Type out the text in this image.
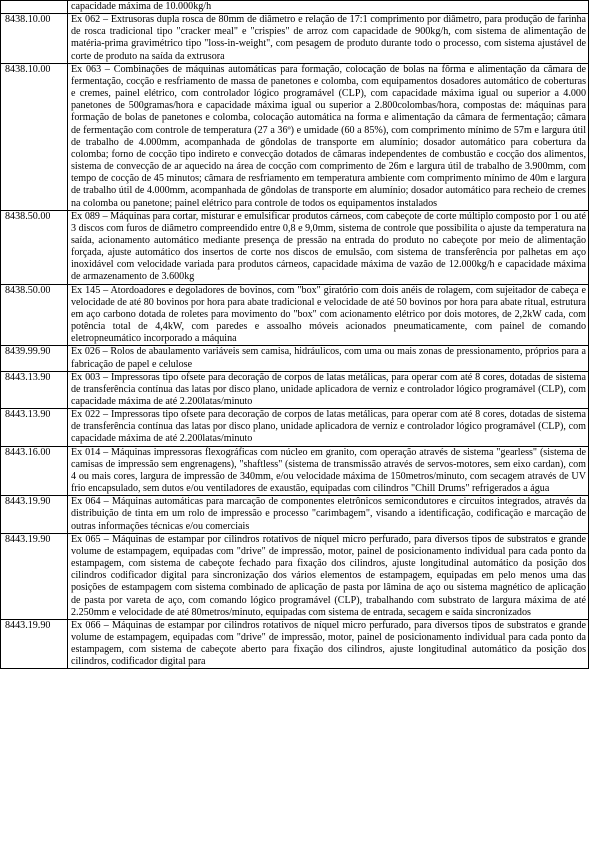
	capacidade máxima de 10.000kg/h
8438.10.00	Ex 062 – Extrusoras dupla rosca de 80mm de diâmetro e relação de 17:1 comprimento por diâmetro, para produção de farinha de rosca tradicional tipo "cracker meal" e "crispies" de arroz com capacidade de 900kg/h, com sistema de alimentação de matéria-prima gravimétrico tipo "loss-in-weight", com pesagem de produto durante todo o processo, com sistema ajustável de corte de produto na saída da extrusora
8438.10.00	Ex 063 – Combinações de máquinas automáticas para formação, colocação de bolas na fôrma e alimentação da câmara de fermentação, cocção e resfriamento de massa de panetones e colomba, com equipamentos dosadores automático de coberturas e cremes, painel elétrico, com controlador lógico programável (CLP), com capacidade máxima igual ou superior a 4.000 panetones de 500gramas/hora e capacidade máxima igual ou superior a 2.800colombas/hora, compostas de: máquinas para formação de bolas de panetones e colomba, colocação automática na forma e alimentação da câmara de fermentação; câmara de fermentação com controle de temperatura (27 a 36º) e umidade (60 a 85%), com comprimento mínimo de 57m e largura útil de trabalho de 4.000mm, acompanhada de gôndolas de transporte em alumínio; dosador automático para cobertura da colomba; forno de cocção tipo indireto e convecção dotados de câmaras independentes de combustão e cocção dos alimentos, sistema de convecção de ar aquecido na área de cocção com comprimento de 26m e largura útil de trabalho de 3.900mm, com tempo de cocção de 45 minutos; câmara de resfriamento em temperatura ambiente com comprimento mínimo de 40m e largura de trabalho útil de 4.000mm, acompanhada de gôndolas de transporte em alumínio; dosador automático para recheio de cremes na colomba ou panetone; painel elétrico para controle de todos os equipamentos instalados
8438.50.00	Ex 089 – Máquinas para cortar, misturar e emulsificar produtos cárneos, com cabeçote de corte múltiplo composto por 1 ou até 3 discos com furos de diâmetro compreendido entre 0,8 e 9,0mm, sistema de controle que possibilita o ajuste da temperatura na saída, acionamento automático mediante presença de pressão na entrada do produto no cabeçote por meio de alimentação forçada, ajuste automático dos insertos de corte nos discos de emulsão, com sistema de transferência por palhetas em aço inoxidável com velocidade variada para produtos cárneos, capacidade máxima de vazão de 12.000kg/h e capacidade máxima de armazenamento de 3.600kg
8438.50.00	Ex 145 – Atordoadores e degoladores de bovinos, com "box" giratório com dois anéis de rolagem, com sujeitador de cabeça e velocidade de até 80 bovinos por hora para abate tradicional e velocidade de até 50 bovinos por hora para abate ritual, estrutura em aço carbono dotada de roletes para movimento do "box" com acionamento elétrico por dois motores, de 2,2kW cada, com potência total de 4,4kW, com paredes e assoalho móveis acionados pneumaticamente, com painel de comando eletropneumático incorporado a máquina
8439.99.90	Ex 026 – Rolos de abaulamento variáveis sem camisa, hidráulicos, com uma ou mais zonas de pressionamento, próprios para a fabricação de papel e celulose
8443.13.90	Ex 003 – Impressoras tipo ofsete para decoração de corpos de latas metálicas, para operar com até 8 cores, dotadas de sistema de transferência contínua das latas por disco plano, unidade aplicadora de verniz e controlador lógico programável (CLP), com capacidade máxima de até 2.200latas/minuto
8443.13.90	Ex 022 – Impressoras tipo ofsete para decoração de corpos de latas metálicas, para operar com até 8 cores, dotadas de sistema de transferência contínua das latas por disco plano, unidade aplicadora de verniz e controlador lógico programável (CLP), com capacidade máxima de até 2.200latas/minuto
8443.16.00	Ex 014 – Máquinas impressoras flexográficas com núcleo em granito, com operação através de sistema "gearless" (sistema de camisas de impressão sem engrenagens), "shaftless" (sistema de transmissão através de servos-motores, sem eixo cardan), com 4 ou mais cores, largura de impressão de 340mm, e/ou velocidade máxima de 150metros/minuto, com secagem através de UV frio encapsulado, sem dutos e/ou ventiladores de exaustão, equipadas com cilindros "Chill Drums" refrigerados a água
8443.19.90	Ex 064 – Máquinas automáticas para marcação de componentes eletrônicos semicondutores e circuitos integrados, através da distribuição de tinta em um rolo de impressão e processo "carimbagem", visando a identificação, codificação e marcação de outras informações técnicas e/ou comerciais
8443.19.90	Ex 065 – Máquinas de estampar por cilindros rotativos de níquel micro perfurado, para diversos tipos de substratos e grande volume de estampagem, equipadas com "drive" de impressão, motor, painel de posicionamento individual para cada ponto da estampagem, com sistema de cabeçote fechado para fixação dos cilindros, ajuste longitudinal automático da posição dos cilindros codificador digital para sincronização dos vários elementos de estampagem, equipadas em pelo menos uma das posições de estampagem com sistema combinado de aplicação de pasta por lâmina de aço ou sistema magnético de aplicação de pasta por vareta de aço, com comando lógico programável (CLP), trabalhando com substrato de largura máxima de até 2.250mm e velocidade de até 80metros/minuto, equipadas com sistema de entrada, secagem e saída sincronizados
8443.19.90	Ex 066 – Máquinas de estampar por cilindros rotativos de níquel micro perfurado, para diversos tipos de substratos e grande volume de estampagem, equipadas com "drive" de impressão, motor, painel de posicionamento individual para cada ponto da estampagem, com sistema de cabeçote aberto para fixação dos cilindros, ajuste longitudinal automático da posição dos cilindros, codificador digital para
